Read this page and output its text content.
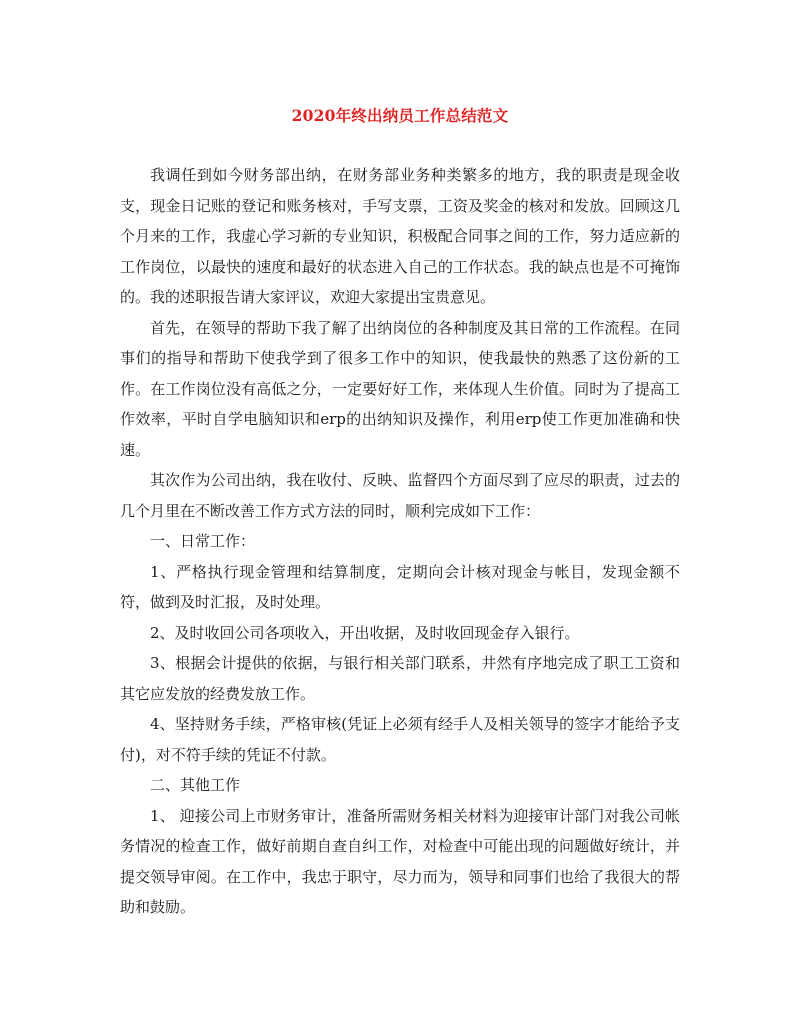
2020年终出纳员工作总结范文

我调任到如今财务部出纳，在财务部业务种类繁多的地方，我的职责是现金收支，现金日记账的登记和账务核对，手写支票，工资及奖金的核对和发放。回顾这几个月来的工作，我虚心学习新的专业知识，积极配合同事之间的工作，努力适应新的工作岗位，以最快的速度和最好的状态进入自己的工作状态。我的缺点也是不可掩饰的。我的述职报告请大家评议，欢迎大家提出宝贵意见。

首先，在领导的帮助下我了解了出纳岗位的各种制度及其日常的工作流程。在同事们的指导和帮助下使我学到了很多工作中的知识，使我最快的熟悉了这份新的工作。在工作岗位没有高低之分，一定要好好工作，来体现人生价值。同时为了提高工作效率，平时自学电脑知识和erp的出纳知识及操作，利用erp使工作更加准确和快速。

其次作为公司出纳，我在收付、反映、监督四个方面尽到了应尽的职责，过去的几个月里在不断改善工作方式方法的同时，顺利完成如下工作：

一、日常工作：

1、严格执行现金管理和结算制度，定期向会计核对现金与帐目，发现金额不符，做到及时汇报，及时处理。

2、及时收回公司各项收入，开出收据，及时收回现金存入银行。

3、根据会计提供的依据，与银行相关部门联系，井然有序地完成了职工工资和其它应发放的经费发放工作。

4、坚持财务手续，严格审核(凭证上必须有经手人及相关领导的签字才能给予支付)，对不符手续的凭证不付款。

二、其他工作

1、 迎接公司上市财务审计，准备所需财务相关材料为迎接审计部门对我公司帐务情况的检查工作，做好前期自查自纠工作，对检查中可能出现的问题做好统计，并提交领导审阅。在工作中，我忠于职守，尽力而为，领导和同事们也给了我很大的帮助和鼓励。
